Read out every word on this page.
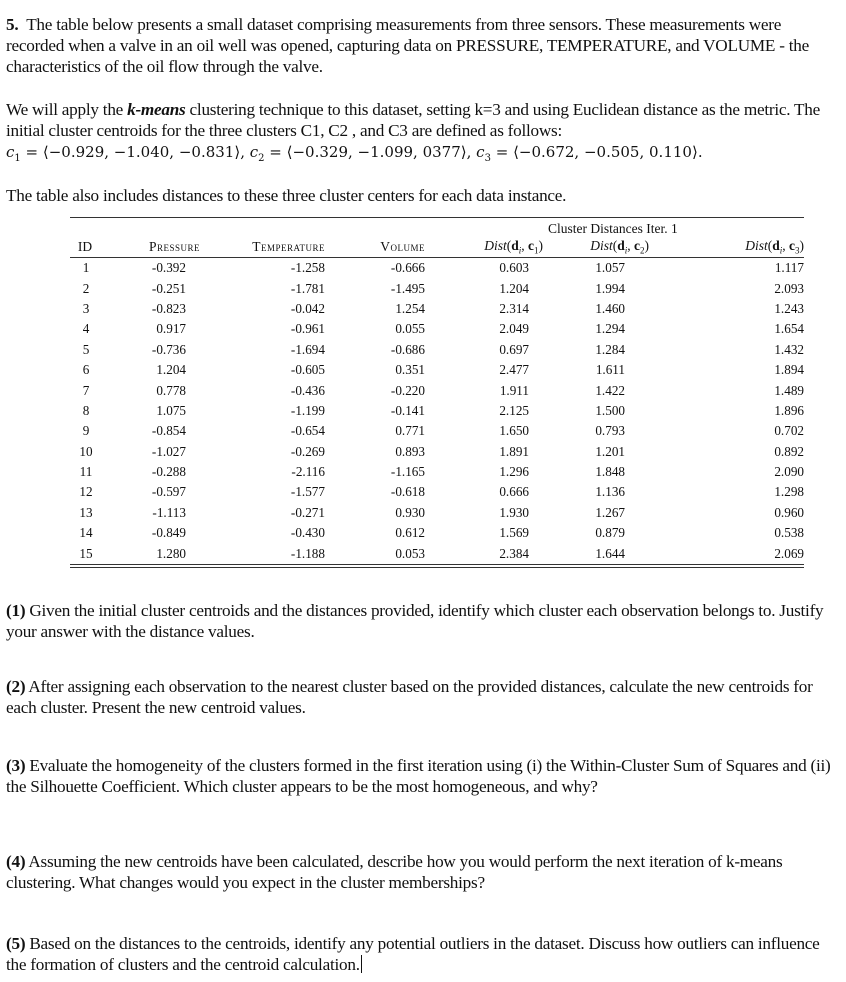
5. The table below presents a small dataset comprising measurements from three sensors. These measurements were recorded when a valve in an oil well was opened, capturing data on PRESSURE, TEMPERATURE, and VOLUME - the characteristics of the oil flow through the valve.
We will apply the k-means clustering technique to this dataset, setting k=3 and using Euclidean distance as the metric. The initial cluster centroids for the three clusters C1, C2 , and C3 are defined as follows:
$c_1$ = ⟨−0.929, −1.040, −0.831⟩, $c_2$ = ⟨−0.329, −1.099, 0377⟩, $c_3$ = ⟨−0.672, −0.505, 0.110⟩.
The table also includes distances to these three cluster centers for each data instance.
Cluster Distances Iter. 1
ID	Pressure	Temperature	Volume	$Dist(d_i$, $c_1$)	$Dist(d_i$, $c_2$)	$Dist(d_i$, $c_3$)

1	-0.392	-1.258	-0.666	0.603	1.057	1.117
2	-0.251	-1.781	-1.495	1.204	1.994	2.093
3	-0.823	-0.042	1.254	2.314	1.460	1.243
4	0.917	-0.961	0.055	2.049	1.294	1.654
5	-0.736	-1.694	-0.686	0.697	1.284	1.432
6	1.204	-0.605	0.351	2.477	1.611	1.894
7	0.778	-0.436	-0.220	1.911	1.422	1.489
8	1.075	-1.199	-0.141	2.125	1.500	1.896
9	-0.854	-0.654	0.771	1.650	0.793	0.702
10	-1.027	-0.269	0.893	1.891	1.201	0.892
11	-0.288	-2.116	-1.165	1.296	1.848	2.090
12	-0.597	-1.577	-0.618	0.666	1.136	1.298
13	-1.113	-0.271	0.930	1.930	1.267	0.960
14	-0.849	-0.430	0.612	1.569	0.879	0.538
15	1.280	-1.188	0.053	2.384	1.644	2.069
(1) Given the initial cluster centroids and the distances provided, identify which cluster each observation belongs to. Justify your answer with the distance values.
(2) After assigning each observation to the nearest cluster based on the provided distances, calculate the new centroids for each cluster. Present the new centroid values.
(3) Evaluate the homogeneity of the clusters formed in the first iteration using (i) the Within-Cluster Sum of Squares and (ii) the Silhouette Coefficient. Which cluster appears to be the most homogeneous, and why?
(4) Assuming the new centroids have been calculated, describe how you would perform the next iteration of k-means clustering. What changes would you expect in the cluster memberships?
(5) Based on the distances to the centroids, identify any potential outliers in the dataset. Discuss how outliers can influence the formation of clusters and the centroid calculation.
